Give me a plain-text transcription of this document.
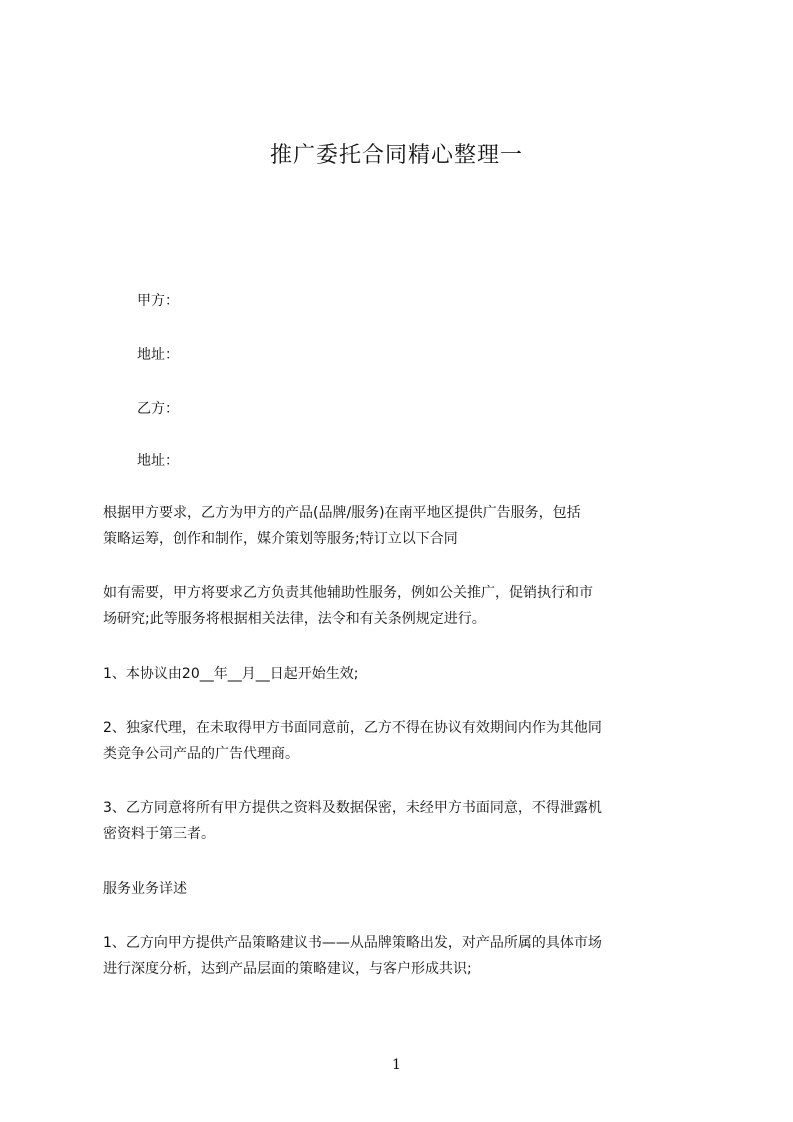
推广委托合同精心整理一
甲方：
地址：
乙方：
地址：
根据甲方要求，乙方为甲方的产品(品牌/服务)在南平地区提供广告服务，包括
策略运筹，创作和制作，媒介策划等服务;特订立以下合同
如有需要，甲方将要求乙方负责其他辅助性服务，例如公关推广，促销执行和市
场研究;此等服务将根据相关法律，法令和有关条例规定进行。
1、本协议由20__年__月__日起开始生效;
2、独家代理，在未取得甲方书面同意前，乙方不得在协议有效期间内作为其他同
类竞争公司产品的广告代理商。
3、乙方同意将所有甲方提供之资料及数据保密，未经甲方书面同意，不得泄露机
密资料于第三者。
服务业务详述
1、乙方向甲方提供产品策略建议书——从品牌策略出发，对产品所属的具体市场
进行深度分析，达到产品层面的策略建议，与客户形成共识;
1
